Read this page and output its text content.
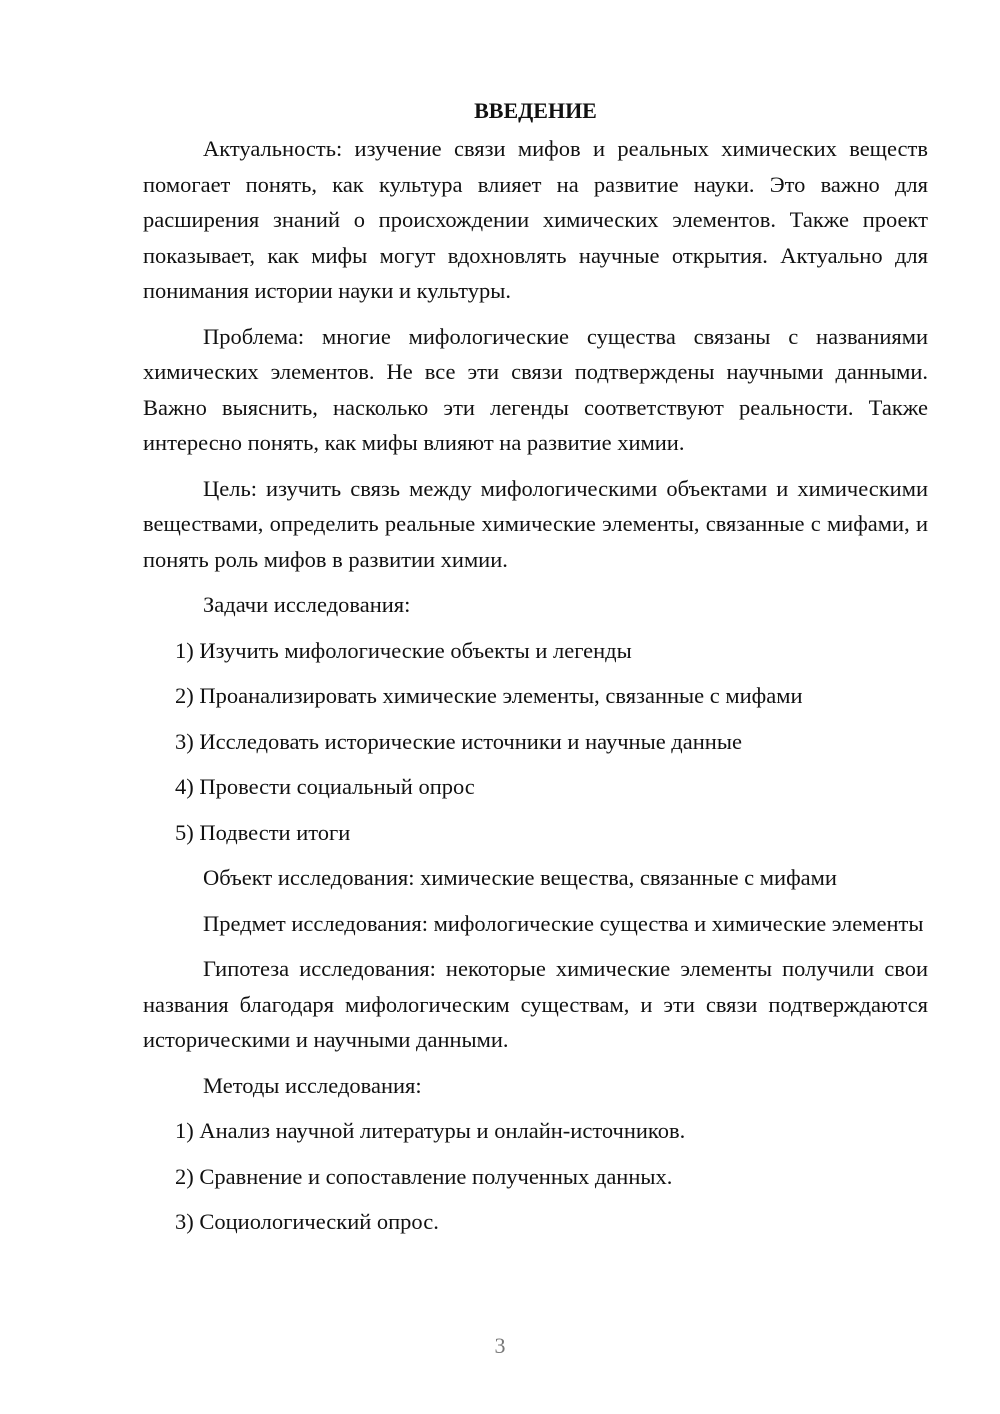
ВВЕДЕНИЕ

Актуальность: изучение связи мифов и реальных химических веществ помогает понять, как культура влияет на развитие науки. Это важно для расширения знаний о происхождении химических элементов. Также проект показывает, как мифы могут вдохновлять научные открытия. Актуально для понимания истории науки и культуры.

Проблема: многие мифологические существа связаны с названиями химических элементов. Не все эти связи подтверждены научными данными. Важно выяснить, насколько эти легенды соответствуют реальности. Также интересно понять, как мифы влияют на развитие химии.

Цель: изучить связь между мифологическими объектами и химическими веществами, определить реальные химические элементы, связанные с мифами, и понять роль мифов в развитии химии.

Задачи исследования:

1) Изучить мифологические объекты и легенды

2) Проанализировать химические элементы, связанные с мифами

3) Исследовать исторические источники и научные данные

4) Провести социальный опрос

5) Подвести итоги

Объект исследования: химические вещества, связанные с мифами

Предмет исследования: мифологические существа и химические элементы

Гипотеза исследования: некоторые химические элементы получили свои названия благодаря мифологическим существам, и эти связи подтверждаются историческими и научными данными.

Методы исследования:

1) Анализ научной литературы и онлайн-источников.

2) Сравнение и сопоставление полученных данных.

3) Социологический опрос.

3
